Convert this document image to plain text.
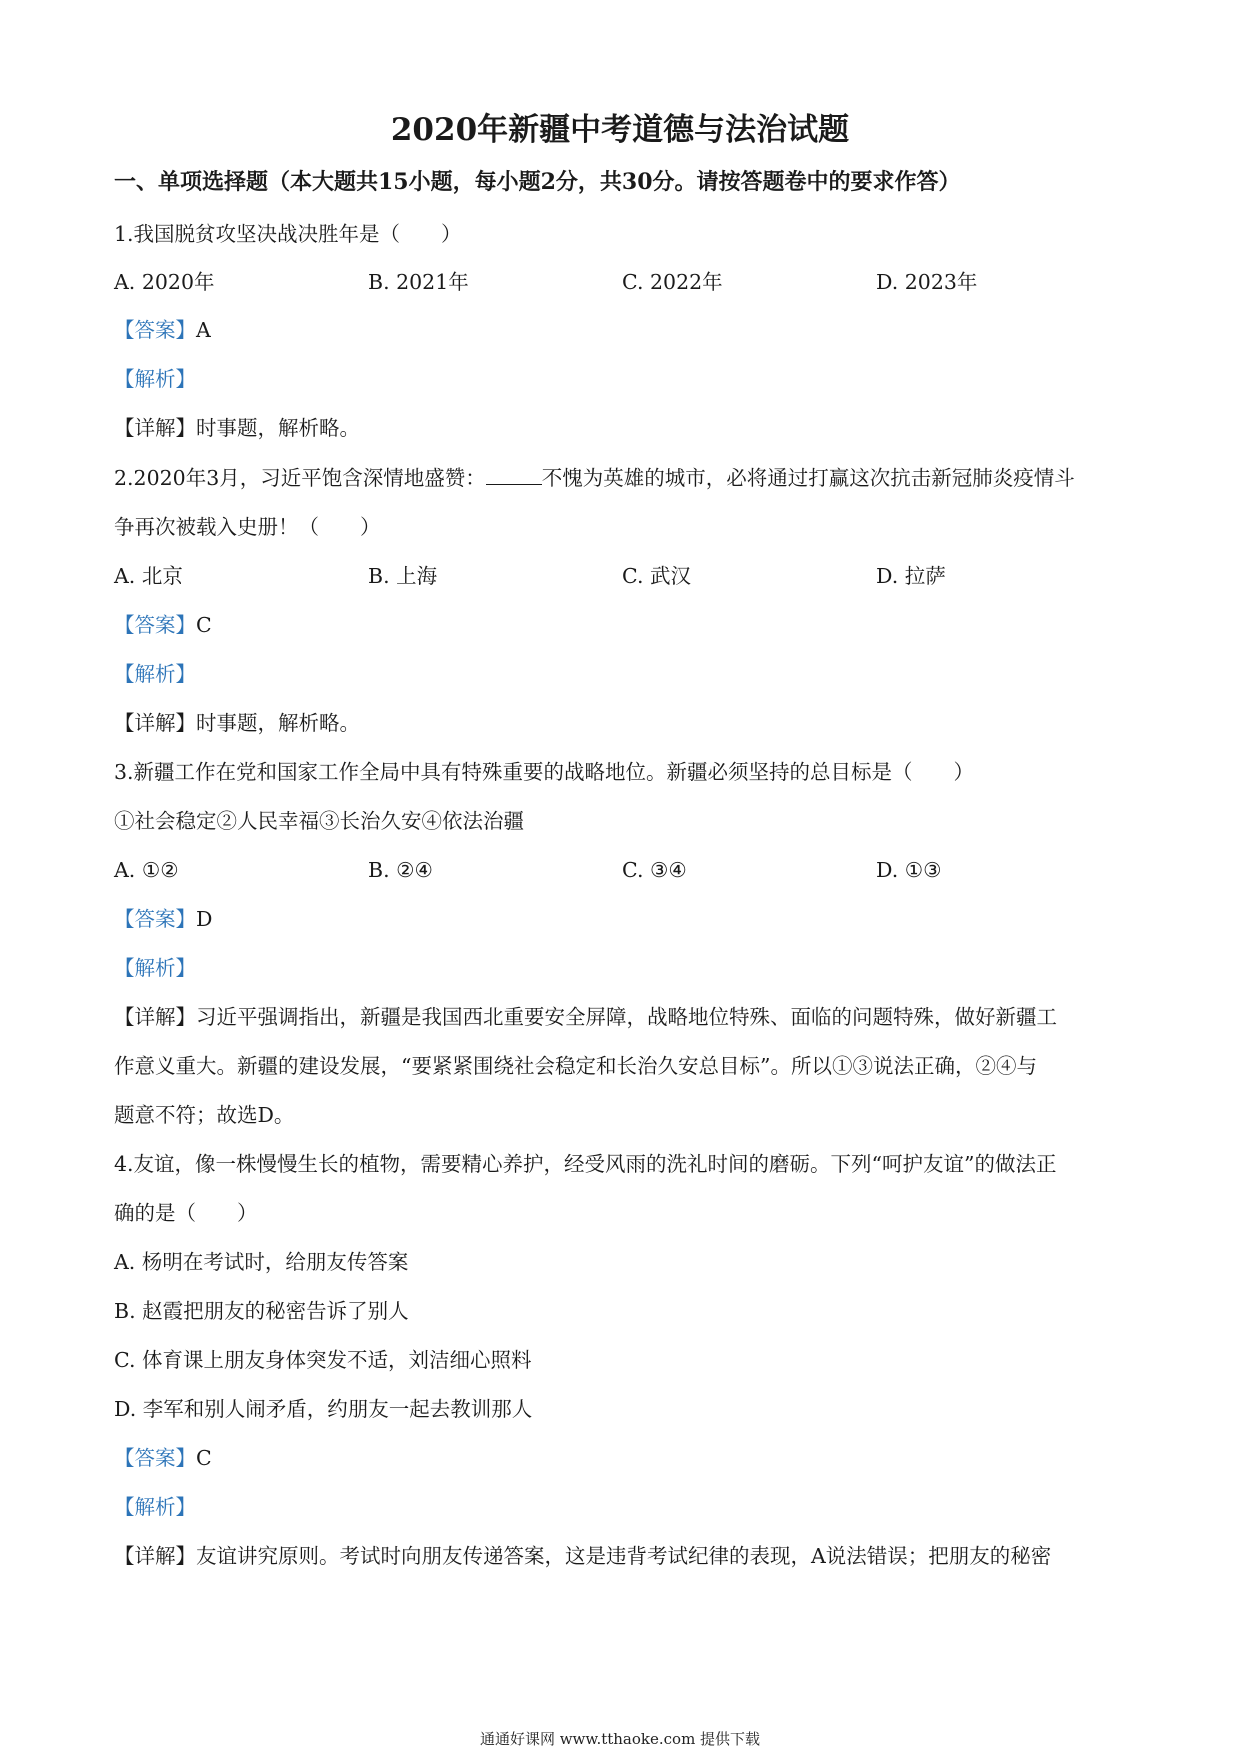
2020年新疆中考道德与法治试题
一、单项选择题（本大题共15小题，每小题2分，共30分。请按答题卷中的要求作答）
1.我国脱贫攻坚决战决胜年是（　　）
A. 2020年	B. 2021年	C. 2022年	D. 2023年
【答案】A
【解析】
【详解】时事题，解析略。
2.2020年3月，习近平饱含深情地盛赞：	不愧为英雄的城市，必将通过打赢这次抗击新冠肺炎疫情斗
争再次被载入史册！（　　）
A. 北京	B. 上海	C. 武汉	D. 拉萨
【答案】C
【解析】
【详解】时事题，解析略。
3.新疆工作在党和国家工作全局中具有特殊重要的战略地位。新疆必须坚持的总目标是（　　）
①社会稳定②人民幸福③长治久安④依法治疆
A. ①②	B. ②④	C. ③④	D. ①③
【答案】D
【解析】
【详解】习近平强调指出，新疆是我国西北重要安全屏障，战略地位特殊、面临的问题特殊，做好新疆工
作意义重大。新疆的建设发展，“要紧紧围绕社会稳定和长治久安总目标”。所以①③说法正确，②④与
题意不符；故选D。
4.友谊，像一株慢慢生长的植物，需要精心养护，经受风雨的洗礼时间的磨砺。下列“呵护友谊”的做法正
确的是（　　）
A. 杨明在考试时，给朋友传答案
B. 赵霞把朋友的秘密告诉了别人
C. 体育课上朋友身体突发不适，刘洁细心照料
D. 李军和别人闹矛盾，约朋友一起去教训那人
【答案】C
【解析】
【详解】友谊讲究原则。考试时向朋友传递答案，这是违背考试纪律的表现，A说法错误；把朋友的秘密
通通好课网 www.tthaoke.com 提供下载
